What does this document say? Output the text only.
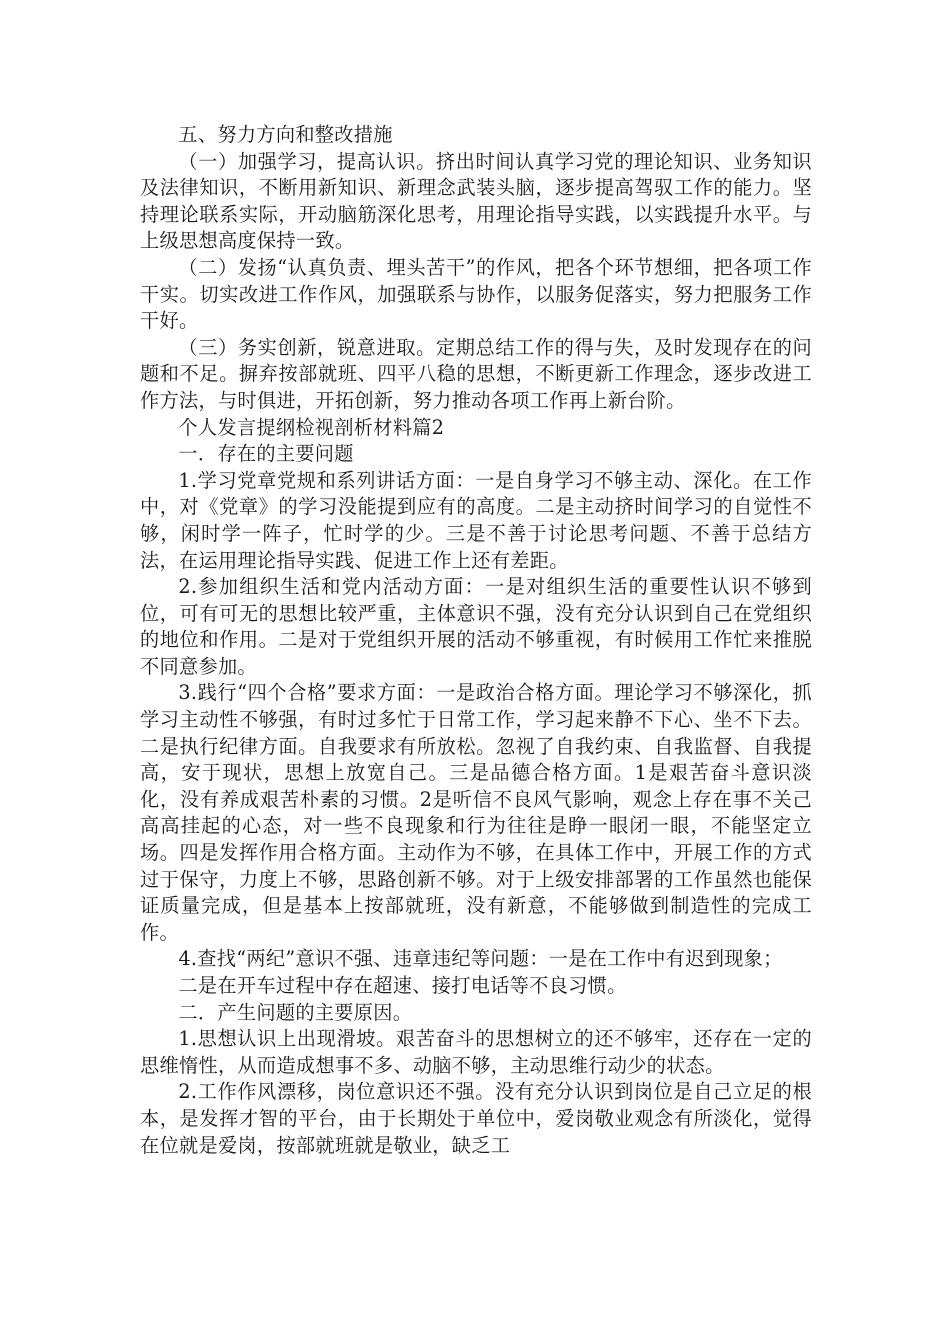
五、努力方向和整改措施

（一）加强学习，提高认识。挤出时间认真学习党的理论知识、业务知识及法律知识，不断用新知识、新理念武装头脑，逐步提高驾驭工作的能力。坚持理论联系实际，开动脑筋深化思考，用理论指导实践，以实践提升水平。与上级思想高度保持一致。

（二）发扬“认真负责、埋头苦干”的作风，把各个环节想细，把各项工作干实。切实改进工作作风，加强联系与协作，以服务促落实，努力把服务工作干好。

（三）务实创新，锐意进取。定期总结工作的得与失，及时发现存在的问题和不足。摒弃按部就班、四平八稳的思想，不断更新工作理念，逐步改进工作方法，与时俱进，开拓创新，努力推动各项工作再上新台阶。

个人发言提纲检视剖析材料篇2

一．存在的主要问题

1.学习党章党规和系列讲话方面：一是自身学习不够主动、深化。在工作中，对《党章》的学习没能提到应有的高度。二是主动挤时间学习的自觉性不够，闲时学一阵子，忙时学的少。三是不善于讨论思考问题、不善于总结方法，在运用理论指导实践、促进工作上还有差距。

2.参加组织生活和党内活动方面：一是对组织生活的重要性认识不够到位，可有可无的思想比较严重，主体意识不强，没有充分认识到自己在党组织的地位和作用。二是对于党组织开展的活动不够重视，有时候用工作忙来推脱不同意参加。

3.践行“四个合格”要求方面：一是政治合格方面。理论学习不够深化，抓学习主动性不够强，有时过多忙于日常工作，学习起来静不下心、坐不下去。二是执行纪律方面。自我要求有所放松。忽视了自我约束、自我监督、自我提高，安于现状，思想上放宽自己。三是品德合格方面。1是艰苦奋斗意识淡化，没有养成艰苦朴素的习惯。2是听信不良风气影响，观念上存在事不关己高高挂起的心态，对一些不良现象和行为往往是睁一眼闭一眼，不能坚定立场。四是发挥作用合格方面。主动作为不够，在具体工作中，开展工作的方式过于保守，力度上不够，思路创新不够。对于上级安排部署的工作虽然也能保证质量完成，但是基本上按部就班，没有新意，不能够做到制造性的完成工作。

4.查找“两纪”意识不强、违章违纪等问题：一是在工作中有迟到现象；

二是在开车过程中存在超速、接打电话等不良习惯。

二．产生问题的主要原因。

1.思想认识上出现滑坡。艰苦奋斗的思想树立的还不够牢，还存在一定的思维惰性，从而造成想事不多、动脑不够，主动思维行动少的状态。

2.工作作风漂移，岗位意识还不强。没有充分认识到岗位是自己立足的根本，是发挥才智的平台，由于长期处于单位中，爱岗敬业观念有所淡化，觉得在位就是爱岗，按部就班就是敬业，缺乏工
